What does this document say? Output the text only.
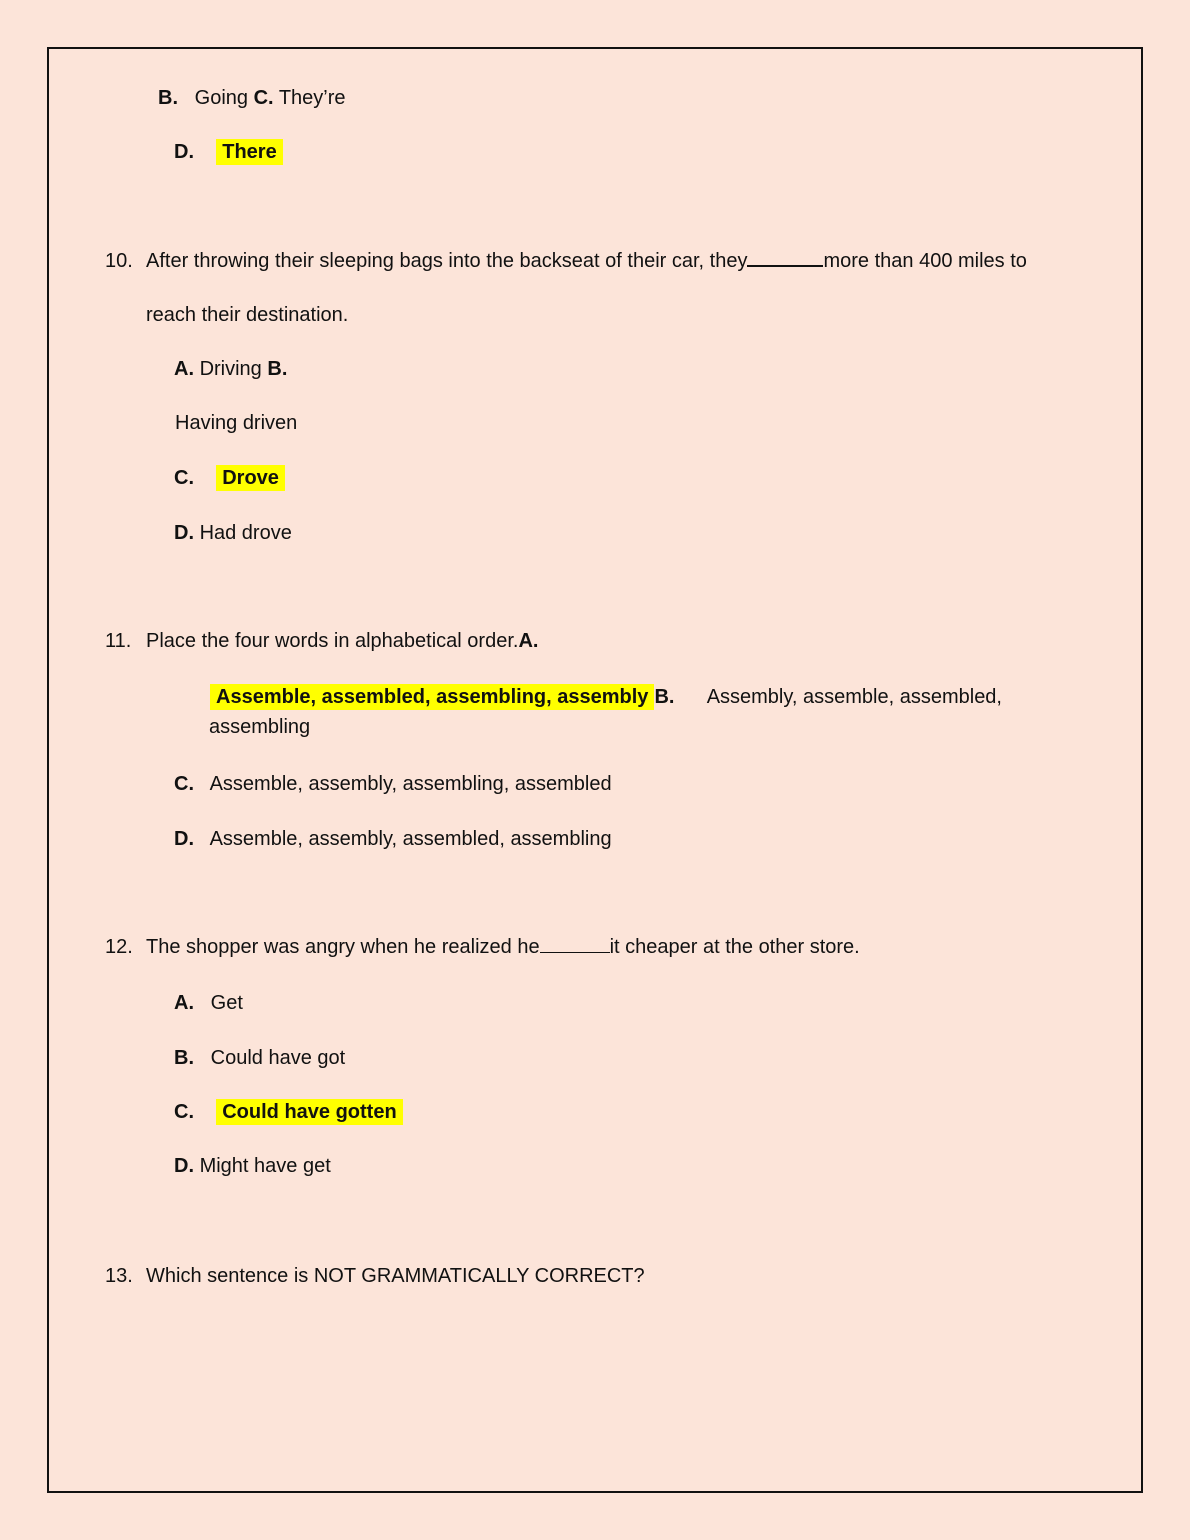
B. Going C. They’re
D. There
10. After throwing their sleeping bags into the backseat of their car, they	more than 400 miles to
reach their destination.
A. Driving B.
Having driven
C. Drove
D. Had drove
11. Place the four words in alphabetical order.A.
Assemble, assembled, assembling, assembly B. Assembly, assemble, assembled,
assembling
C. Assemble, assembly, assembling, assembled
D. Assemble, assembly, assembled, assembling
12. The shopper was angry when he realized he	it cheaper at the other store.
A. Get
B. Could have got
C. Could have gotten
D. Might have get
13. Which sentence is NOT GRAMMATICALLY CORRECT?
